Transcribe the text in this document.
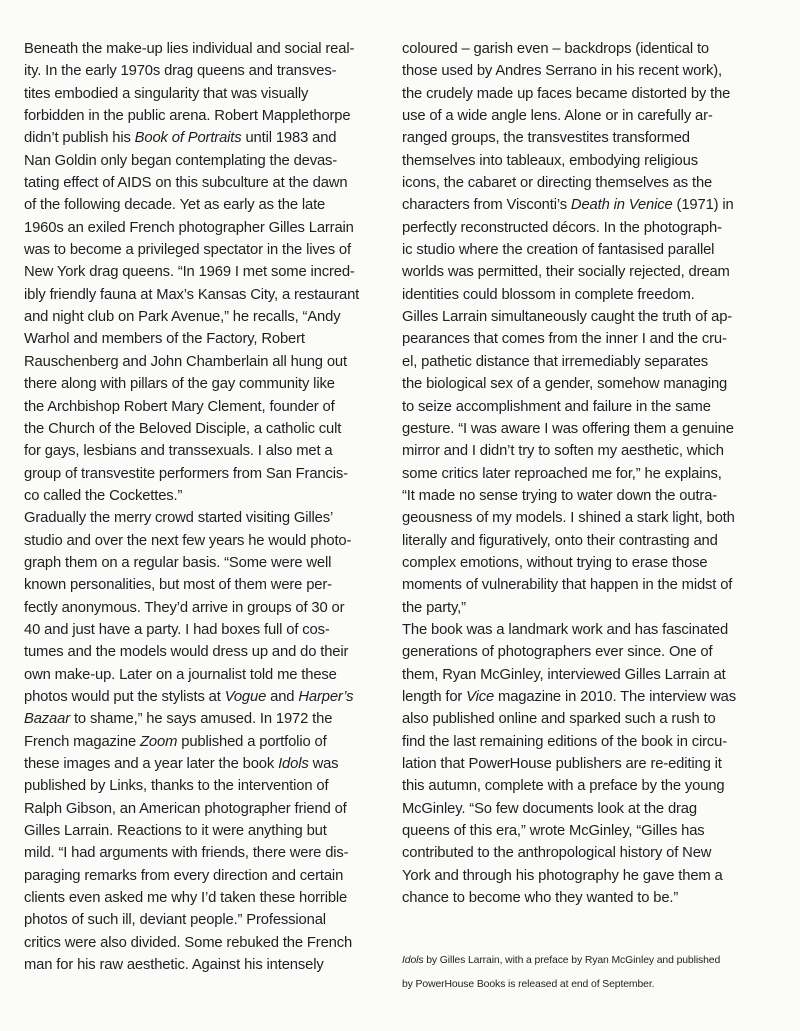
Beneath the make-up lies individual and social real-
ity. In the early 1970s drag queens and transves-
tites embodied a singularity that was visually
forbidden in the public arena. Robert Mapplethorpe
didn’t publish his Book of Portraits until 1983 and
Nan Goldin only began contemplating the devas-
tating effect of AIDS on this subculture at the dawn
of the following decade. Yet as early as the late
1960s an exiled French photographer Gilles Larrain
was to become a privileged spectator in the lives of
New York drag queens. “In 1969 I met some incred-
ibly friendly fauna at Max’s Kansas City, a restaurant
and night club on Park Avenue,” he recalls, “Andy
Warhol and members of the Factory, Robert
Rauschenberg and John Chamberlain all hung out
there along with pillars of the gay community like
the Archbishop Robert Mary Clement, founder of
the Church of the Beloved Disciple, a catholic cult
for gays, lesbians and transsexuals. I also met a
group of transvestite performers from San Francis-
co called the Cockettes.”
Gradually the merry crowd started visiting Gilles’
studio and over the next few years he would photo-
graph them on a regular basis. “Some were well
known personalities, but most of them were per-
fectly anonymous. They’d arrive in groups of 30 or
40 and just have a party. I had boxes full of cos-
tumes and the models would dress up and do their
own make-up. Later on a journalist told me these
photos would put the stylists at Vogue and Harper’s
Bazaar to shame,” he says amused. In 1972 the
French magazine Zoom published a portfolio of
these images and a year later the book Idols was
published by Links, thanks to the intervention of
Ralph Gibson, an American photographer friend of
Gilles Larrain. Reactions to it were anything but
mild. “I had arguments with friends, there were dis-
paraging remarks from every direction and certain
clients even asked me why I’d taken these horrible
photos of such ill, deviant people.” Professional
critics were also divided. Some rebuked the French
man for his raw aesthetic. Against his intensely
coloured – garish even – backdrops (identical to
those used by Andres Serrano in his recent work),
the crudely made up faces became distorted by the
use of a wide angle lens. Alone or in carefully ar-
ranged groups, the transvestites transformed
themselves into tableaux, embodying religious
icons, the cabaret or directing themselves as the
characters from Visconti’s Death in Venice (1971) in
perfectly reconstructed décors. In the photograph-
ic studio where the creation of fantasised parallel
worlds was permitted, their socially rejected, dream
identities could blossom in complete freedom.
Gilles Larrain simultaneously caught the truth of ap-
pearances that comes from the inner I and the cru-
el, pathetic distance that irremediably separates
the biological sex of a gender, somehow managing
to seize accomplishment and failure in the same
gesture. “I was aware I was offering them a genuine
mirror and I didn’t try to soften my aesthetic, which
some critics later reproached me for,” he explains,
“It made no sense trying to water down the outra-
geousness of my models. I shined a stark light, both
literally and figuratively, onto their contrasting and
complex emotions, without trying to erase those
moments of vulnerability that happen in the midst of
the party,”
The book was a landmark work and has fascinated
generations of photographers ever since. One of
them, Ryan McGinley, interviewed Gilles Larrain at
length for Vice magazine in 2010. The interview was
also published online and sparked such a rush to
find the last remaining editions of the book in circu-
lation that PowerHouse publishers are re-editing it
this autumn, complete with a preface by the young
McGinley. “So few documents look at the drag
queens of this era,” wrote McGinley, “Gilles has
contributed to the anthropological history of New
York and through his photography he gave them a
chance to become who they wanted to be.”
Idols by Gilles Larrain, with a preface by Ryan McGinley and published
by PowerHouse Books is released at end of September.
